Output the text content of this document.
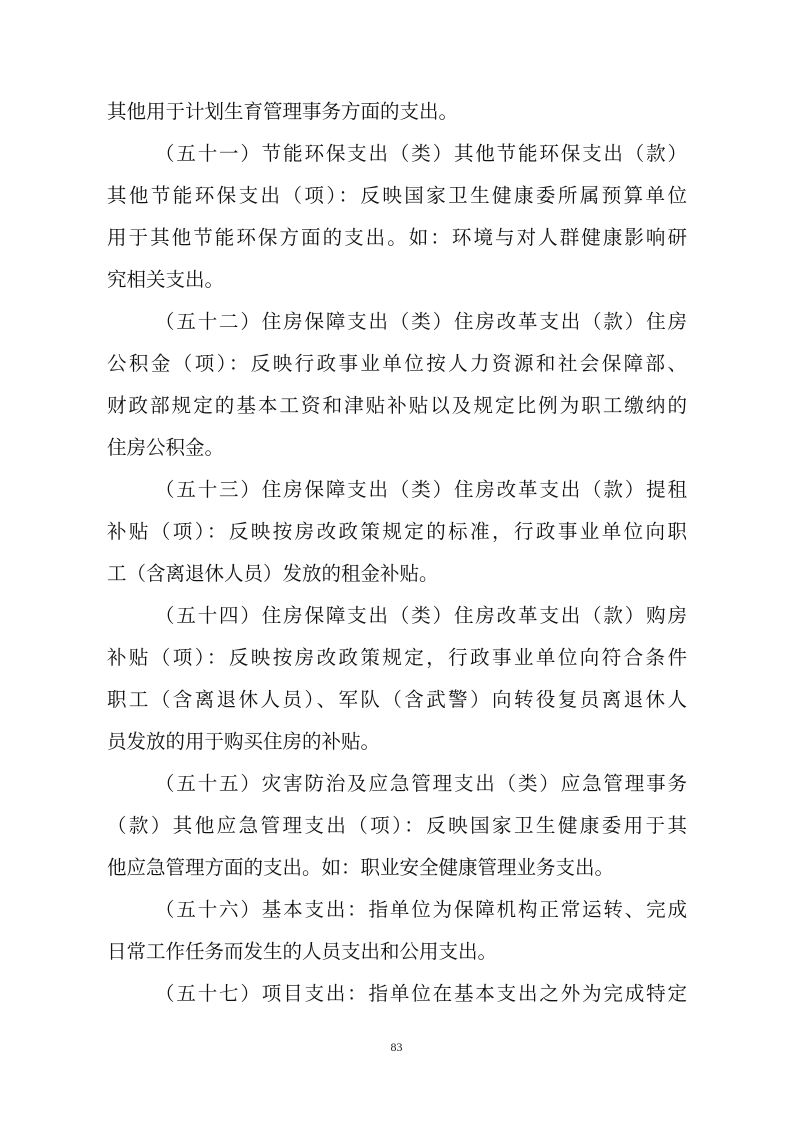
其他用于计划生育管理事务方面的支出。
（五十一）节能环保支出（类）其他节能环保支出（款）
其他节能环保支出（项）：反映国家卫生健康委所属预算单位
用于其他节能环保方面的支出。如：环境与对人群健康影响研
究相关支出。
（五十二）住房保障支出（类）住房改革支出（款）住房
公积金（项）：反映行政事业单位按人力资源和社会保障部、
财政部规定的基本工资和津贴补贴以及规定比例为职工缴纳的
住房公积金。
（五十三）住房保障支出（类）住房改革支出（款）提租
补贴（项）：反映按房改政策规定的标准，行政事业单位向职
工（含离退休人员）发放的租金补贴。
（五十四）住房保障支出（类）住房改革支出（款）购房
补贴（项）：反映按房改政策规定，行政事业单位向符合条件
职工（含离退休人员）、军队（含武警）向转役复员离退休人
员发放的用于购买住房的补贴。
（五十五）灾害防治及应急管理支出（类）应急管理事务
（款）其他应急管理支出（项）：反映国家卫生健康委用于其
他应急管理方面的支出。如：职业安全健康管理业务支出。
（五十六）基本支出：指单位为保障机构正常运转、完成
日常工作任务而发生的人员支出和公用支出。
（五十七）项目支出：指单位在基本支出之外为完成特定
83
